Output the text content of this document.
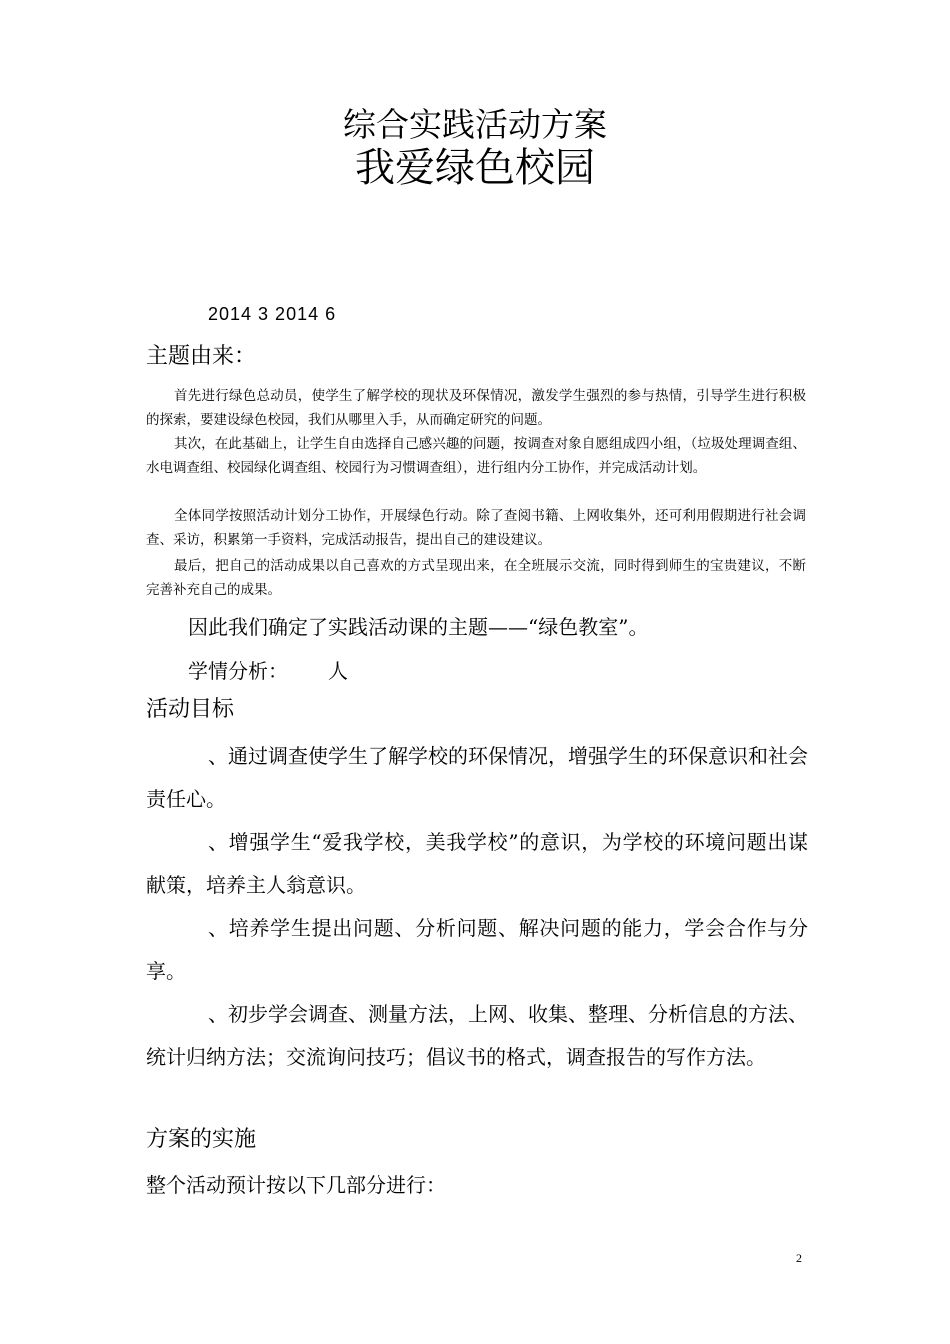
综合实践活动方案
我爱绿色校园
2014 3 2014 6
主题由来：
首先进行绿色总动员，使学生了解学校的现状及环保情况，激发学生强烈的参与热情，引导学生进行积极的探索，要建设绿色校园，我们从哪里入手，从而确定研究的问题。
其次，在此基础上，让学生自由选择自己感兴趣的问题，按调查对象自愿组成四小组，（垃圾处理调查组、水电调查组、校园绿化调查组、校园行为习惯调查组），进行组内分工协作，并完成活动计划。
全体同学按照活动计划分工协作，开展绿色行动。除了查阅书籍、上网收集外，还可利用假期进行社会调查、采访，积累第一手资料，完成活动报告，提出自己的建设建议。
最后，把自己的活动成果以自己喜欢的方式呈现出来，在全班展示交流，同时得到师生的宝贵建议，不断完善补充自己的成果。
因此我们确定了实践活动课的主题——“绿色教室”。
学情分析： 人
活动目标
、通过调查使学生了解学校的环保情况，增强学生的环保意识和社会责任心。
、增强学生“爱我学校，美我学校”的意识，为学校的环境问题出谋献策，培养主人翁意识。
、培养学生提出问题、分析问题、解决问题的能力，学会合作与分享。
、初步学会调查、测量方法，上网、收集、整理、分析信息的方法、统计归纳方法；交流询问技巧；倡议书的格式，调查报告的写作方法。
方案的实施
整个活动预计按以下几部分进行：
2
